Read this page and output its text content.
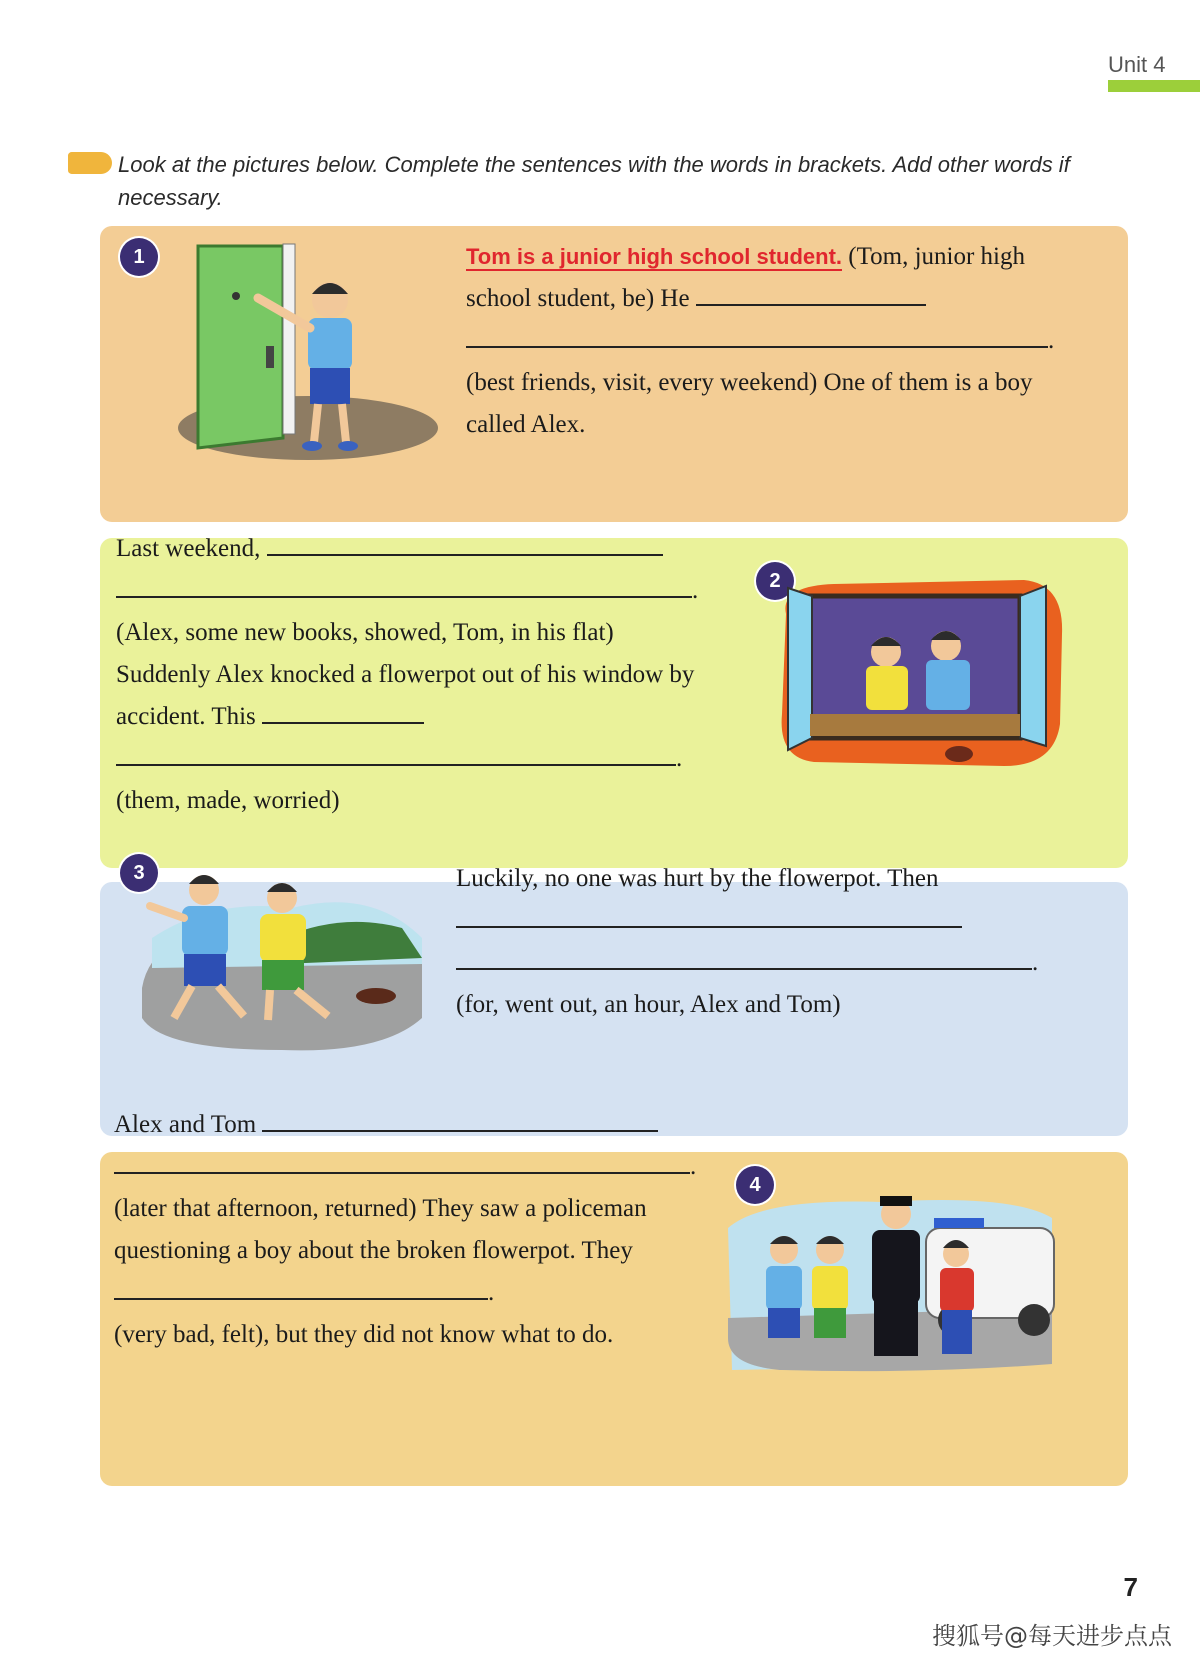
Unit 4
Look at the pictures below. Complete the sentences with the words in brackets. Add other words if necessary.
1	Tom is a junior high school student. (Tom, junior high school student, be) He
.
(best friends, visit, every weekend) One of them is a boy called Alex.
Last weekend,
.
(Alex, some new books, showed, Tom, in his flat) Suddenly Alex knocked a flowerpot out of his window by accident. This
.
(them, made, worried)
2
3	Luckily, no one was hurt by the flowerpot. Then
.
(for, went out, an hour, Alex and Tom)
Alex and Tom
.
(later that afternoon, returned) They saw a policeman questioning a boy about the broken flowerpot. They .
(very bad, felt), but they did not know what to do.
4
7
搜狐号@每天进步点点
